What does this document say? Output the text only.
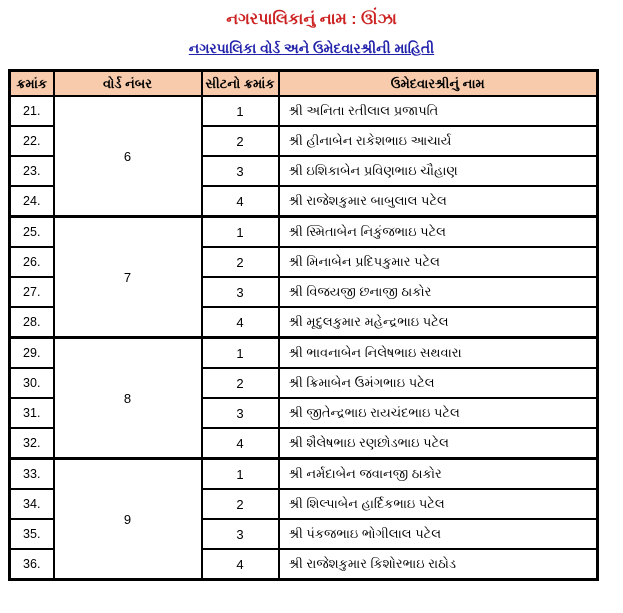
નગરપાલિકાનું નામ : ઊંઝા
નગરપાલિકા વોર્ડ અને ઉમેદવારશ્રીની માહિતી
ક્રમાંક	વોર્ડ નંબર	સીટનો ક્રમાંક	ઉમેદવારશ્રીનું નામ
21.	6	1	શ્રી અનિતા રતીલાલ પ્રજાપતિ
22.		2	શ્રી હીનાબેન રાકેશભાઇ આચાર્ય
23.		3	શ્રી ઇશિકાબેન પ્રવિણભાઇ ચૌહાણ
24.		4	શ્રી રાજેશકુમાર બાબુલાલ પટેલ
25.	7	1	શ્રી સ્મિતાબેન નિકુંજભાઇ પટેલ
26.		2	શ્રી મિનાબેન પ્રદિપકુમાર પટેલ
27.		3	શ્રી વિજયજી છનાજી ઠાકોર
28.		4	શ્રી મૃદુલકુમાર મહેન્દ્રભાઇ પટેલ
29.	8	1	શ્રી ભાવનાબેન નિલેષભાઇ સથવારા
30.		2	શ્રી ક્રિમાબેન ઉમંગભાઇ પટેલ
31.		3	શ્રી જીતેન્દ્રભાઇ રાયચંદભાઇ પટેલ
32.		4	શ્રી શૈલેષભાઇ રણછોડભાઇ પટેલ
33.	9	1	શ્રી નર્મદાબેન જવાનજી ઠાકોર
34.		2	શ્રી શિલ્પાબેન હાર્દિકભાઇ પટેલ
35.		3	શ્રી પંકજભાઇ ભોગીલાલ પટેલ
36.		4	શ્રી રાજેશકુમાર કિશોરભાઇ રાઠોડ
